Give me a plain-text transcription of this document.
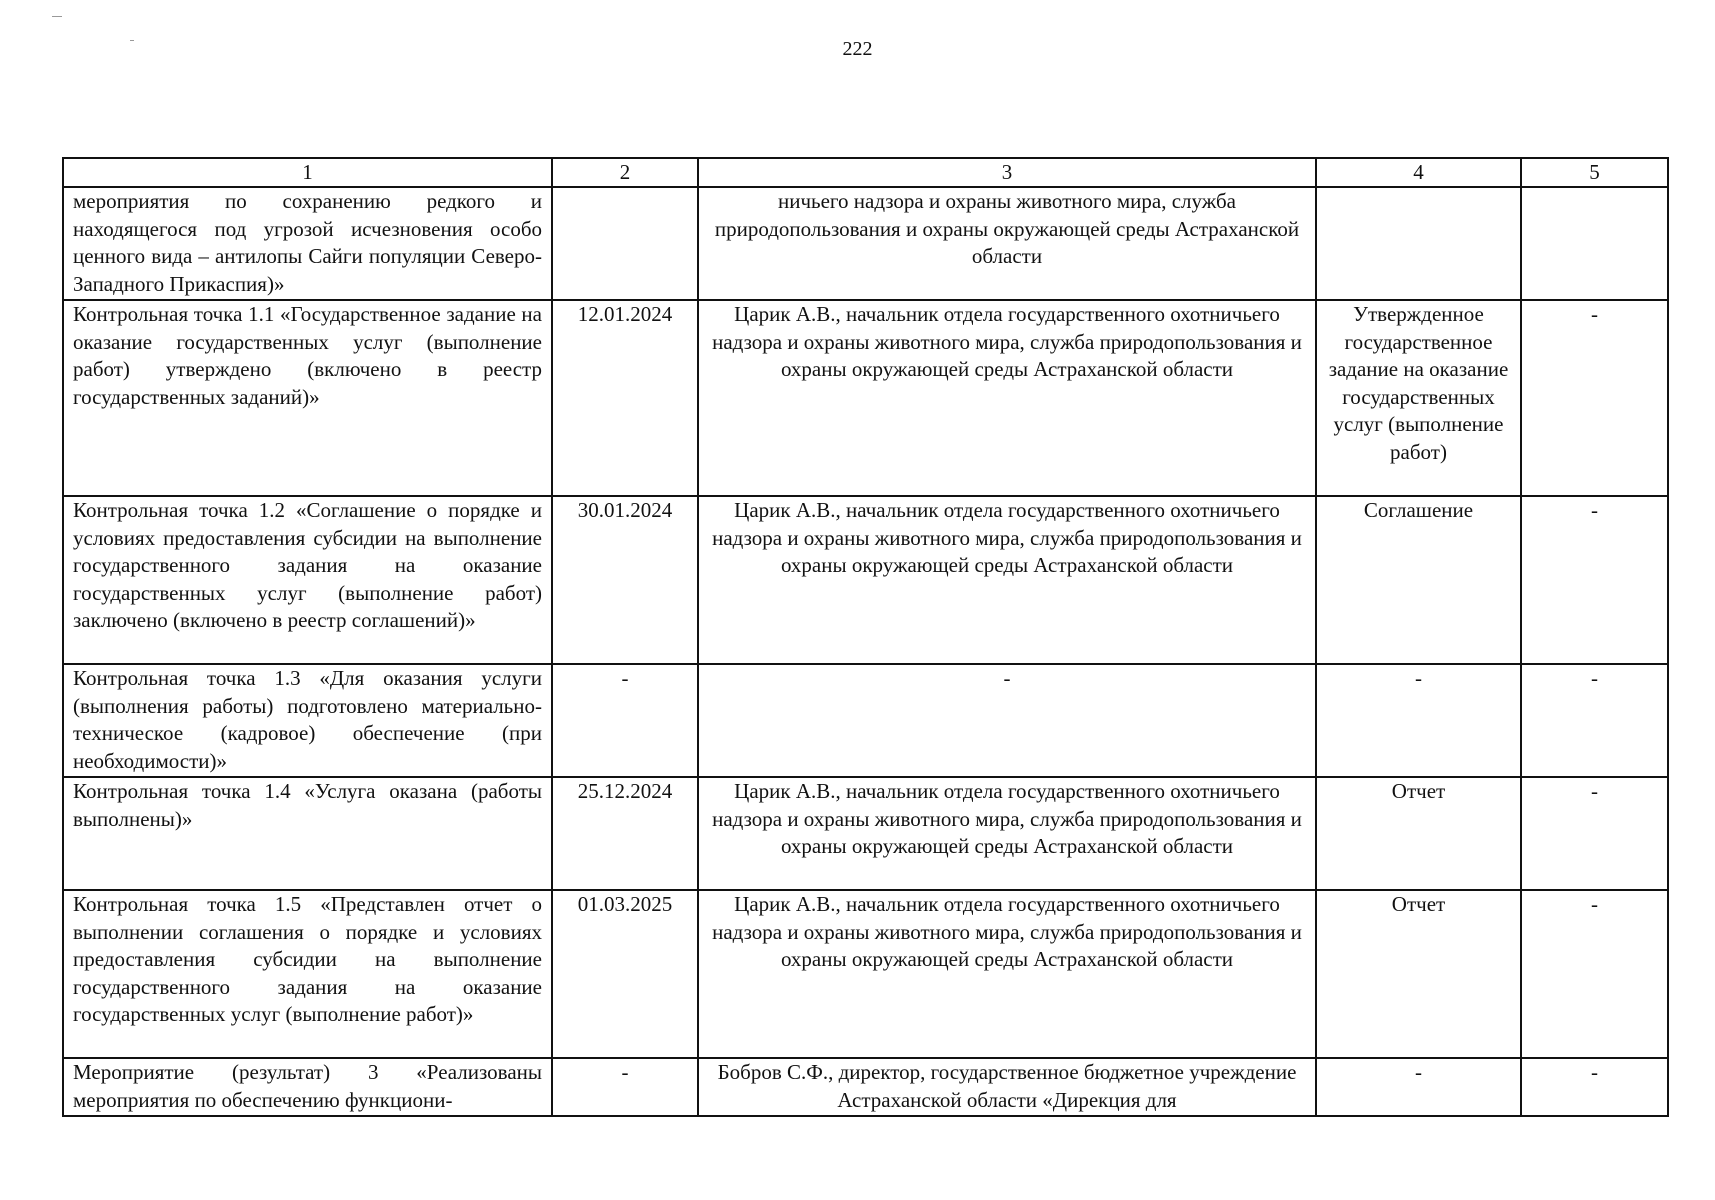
222
1	2	3	4	5
мероприятия по сохранению редкого и находящегося под угрозой исчезновения особо ценного вида – антилопы Сайги популяции Северо-Западного Прикаспия)»		ничьего надзора и охраны животного мира, служба природопользования и охраны окружающей среды Астраханской области		
Контрольная точка 1.1 «Государственное задание на оказание государственных услуг (выполнение работ) утверждено (включено в реестр государственных заданий)»	12.01.2024	Царик А.В., начальник отдела государственного охотничьего надзора и охраны животного мира, служба природопользования и охраны окружающей среды Астраханской области	Утвержденное государственное задание на оказание государственных услуг (выполнение работ)	-
Контрольная точка 1.2 «Соглашение о порядке и условиях предоставления субсидии на выполнение государственного задания на оказание государственных услуг (выполнение работ) заключено (включено в реестр соглашений)»	30.01.2024	Царик А.В., начальник отдела государственного охотничьего надзора и охраны животного мира, служба природопользования и охраны окружающей среды Астраханской области	Соглашение	-
Контрольная точка 1.3 «Для оказания услуги (выполнения работы) подготовлено материально-техническое (кадровое) обеспечение (при необходимости)»	-	-	-	-
Контрольная точка 1.4 «Услуга оказана (работы выполнены)»	25.12.2024	Царик А.В., начальник отдела государственного охотничьего надзора и охраны животного мира, служба природопользования и охраны окружающей среды Астраханской области	Отчет	-
Контрольная точка 1.5 «Представлен отчет о выполнении соглашения о порядке и условиях предоставления субсидии на выполнение государственного задания на оказание государственных услуг (выполнение работ)»	01.03.2025	Царик А.В., начальник отдела государственного охотничьего надзора и охраны животного мира, служба природопользования и охраны окружающей среды Астраханской области	Отчет	-
Мероприятие (результат) 3 «Реализованы мероприятия по обеспечению функциони-	-	Бобров С.Ф., директор, государственное бюджетное учреждение Астраханской области «Дирекция для	-	-
